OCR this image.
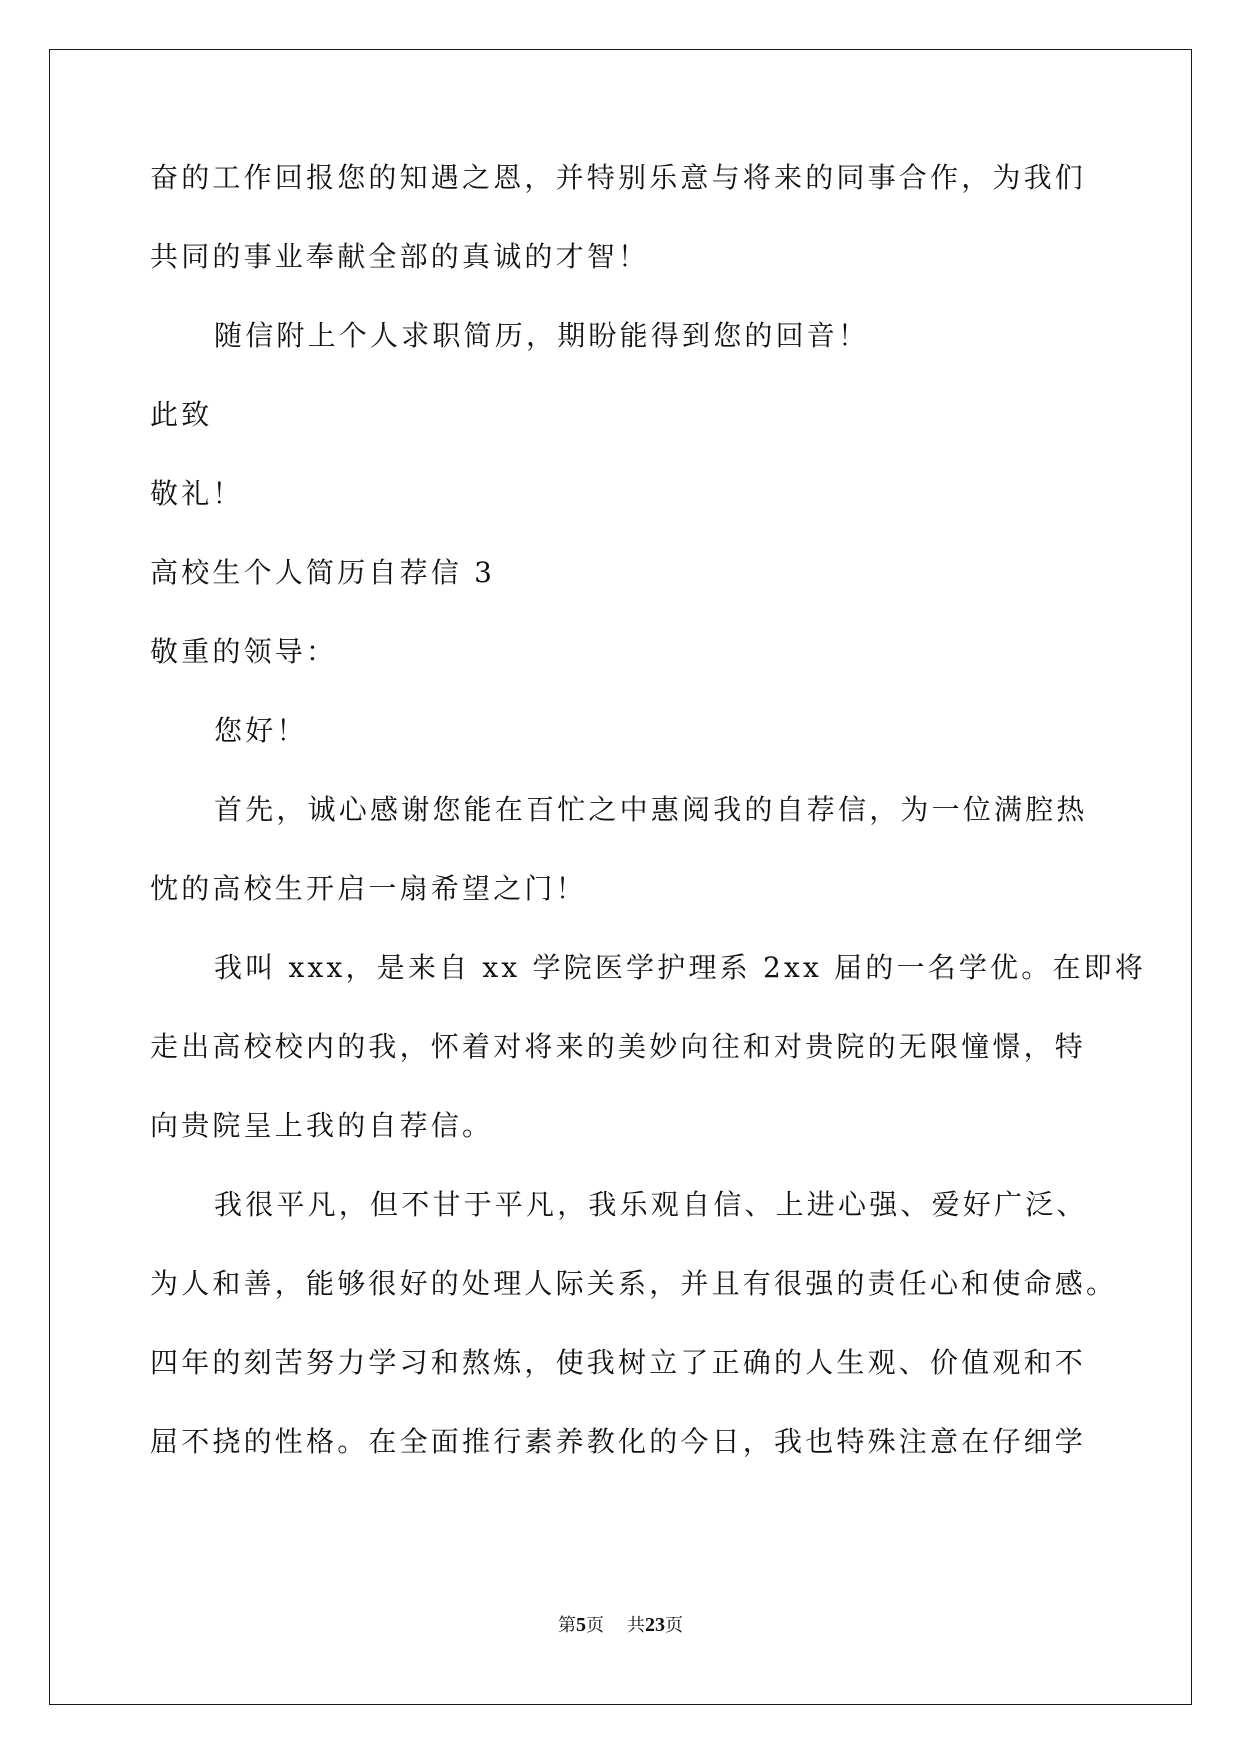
奋的工作回报您的知遇之恩，并特别乐意与将来的同事合作，为我们
共同的事业奉献全部的真诚的才智！
随信附上个人求职简历，期盼能得到您的回音！
此致
敬礼！
高校生个人简历自荐信 3
敬重的领导：
您好！
首先，诚心感谢您能在百忙之中惠阅我的自荐信，为一位满腔热
忱的高校生开启一扇希望之门！
我叫 xxx，是来自 xx 学院医学护理系 2xx 届的一名学优。在即将
走出高校校内的我，怀着对将来的美妙向往和对贵院的无限憧憬，特
向贵院呈上我的自荐信。
我很平凡，但不甘于平凡，我乐观自信、上进心强、爱好广泛、
为人和善，能够很好的处理人际关系，并且有很强的责任心和使命感。
四年的刻苦努力学习和熬炼，使我树立了正确的人生观、价值观和不
屈不挠的性格。在全面推行素养教化的今日，我也特殊注意在仔细学
第5页 共23页
